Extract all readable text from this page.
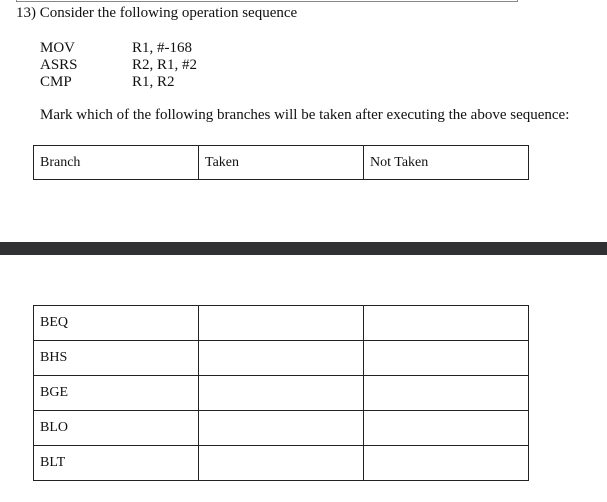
13) Consider the following operation sequence
MOV	R1, #-168
ASRS	R2, R1, #2
CMP	R1, R2
Mark which of the following branches will be taken after executing the above sequence:
Branch	Taken	Not Taken
BEQ		
BHS		
BGE		
BLO		
BLT		
